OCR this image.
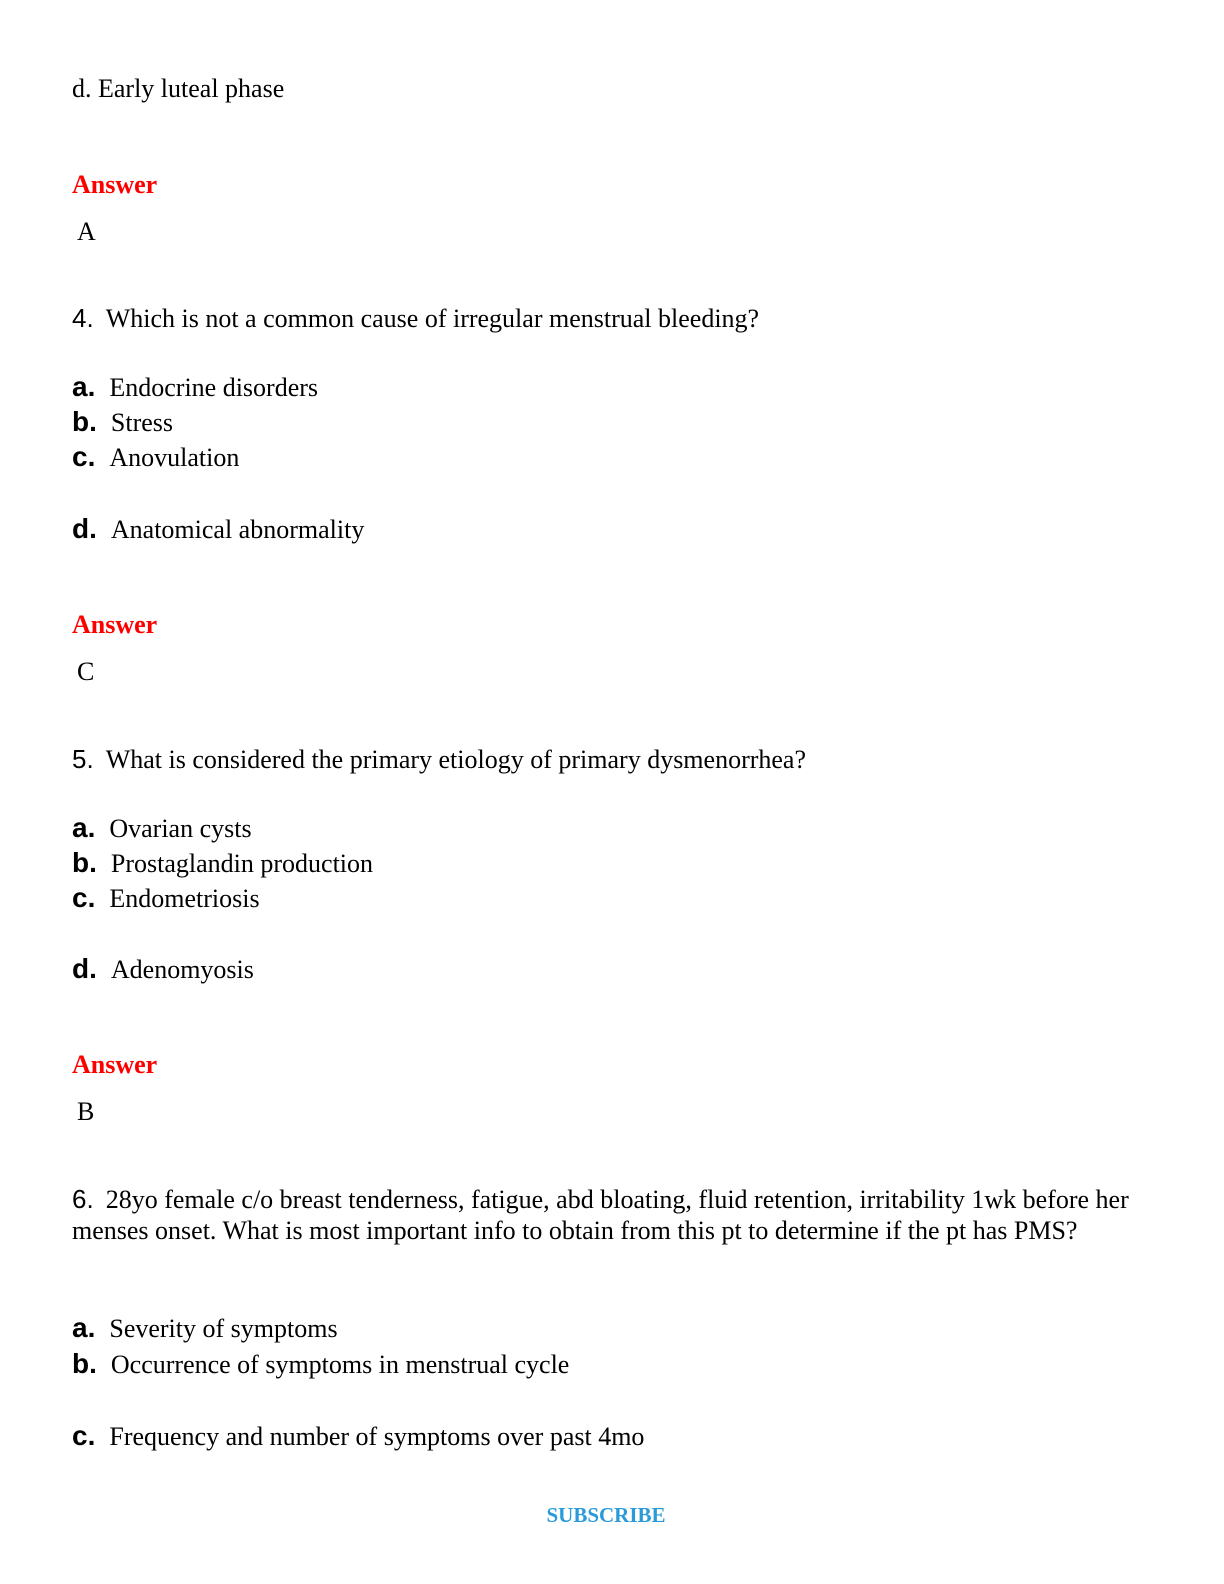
d. Early luteal phase
Answer
A
4. Which is not a common cause of irregular menstrual bleeding?
a. Endocrine disorders
b. Stress
c. Anovulation
d. Anatomical abnormality
Answer
C
5. What is considered the primary etiology of primary dysmenorrhea?
a. Ovarian cysts
b. Prostaglandin production
c. Endometriosis
d. Adenomyosis
Answer
B
6. 28yo female c/o breast tenderness, fatigue, abd bloating, fluid retention, irritability 1wk before her menses onset. What is most important info to obtain from this pt to determine if the pt has PMS?
a. Severity of symptoms
b. Occurrence of symptoms in menstrual cycle
c. Frequency and number of symptoms over past 4mo
SUBSCRIBE
